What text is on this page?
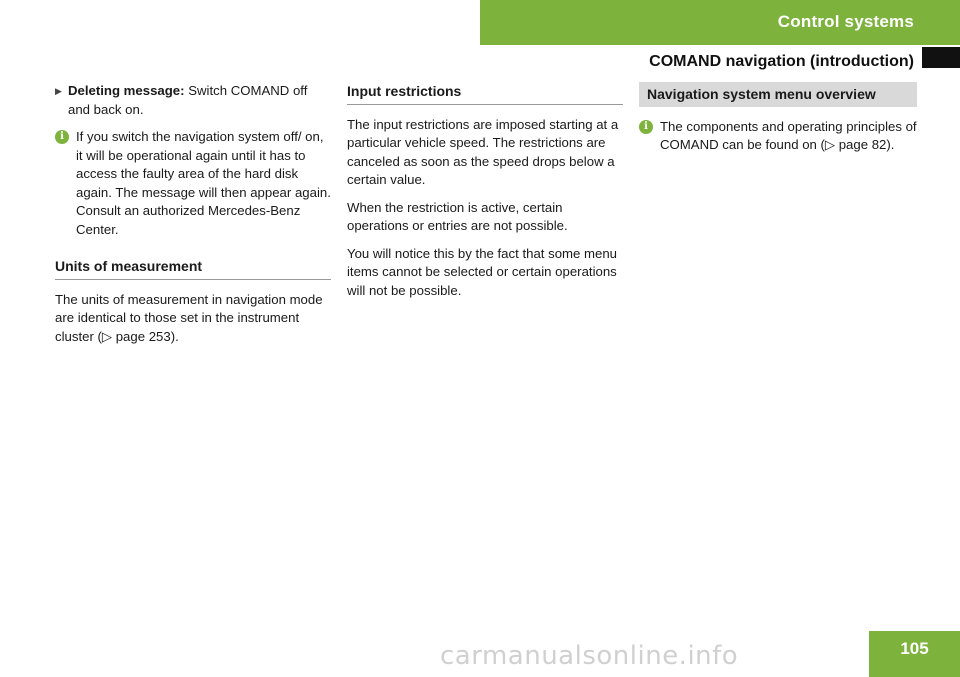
Control systems
COMAND navigation (introduction)
▶ Deleting message: Switch COMAND off and back on.
i If you switch the navigation system off/ on, it will be operational again until it has to access the faulty area of the hard disk again. The message will then appear again. Consult an authorized Mercedes-Benz Center.
Units of measurement

The units of measurement in navigation mode are identical to those set in the instrument cluster (▷ page 253).

Input restrictions

The input restrictions are imposed starting at a particular vehicle speed. The restrictions are canceled as soon as the speed drops below a certain value.

When the restriction is active, certain operations or entries are not possible.

You will notice this by the fact that some menu items cannot be selected or certain operations will not be possible.

Navigation system menu overview
i The components and operating principles of COMAND can be found on (▷ page 82).
105
carmanualsonline.info
